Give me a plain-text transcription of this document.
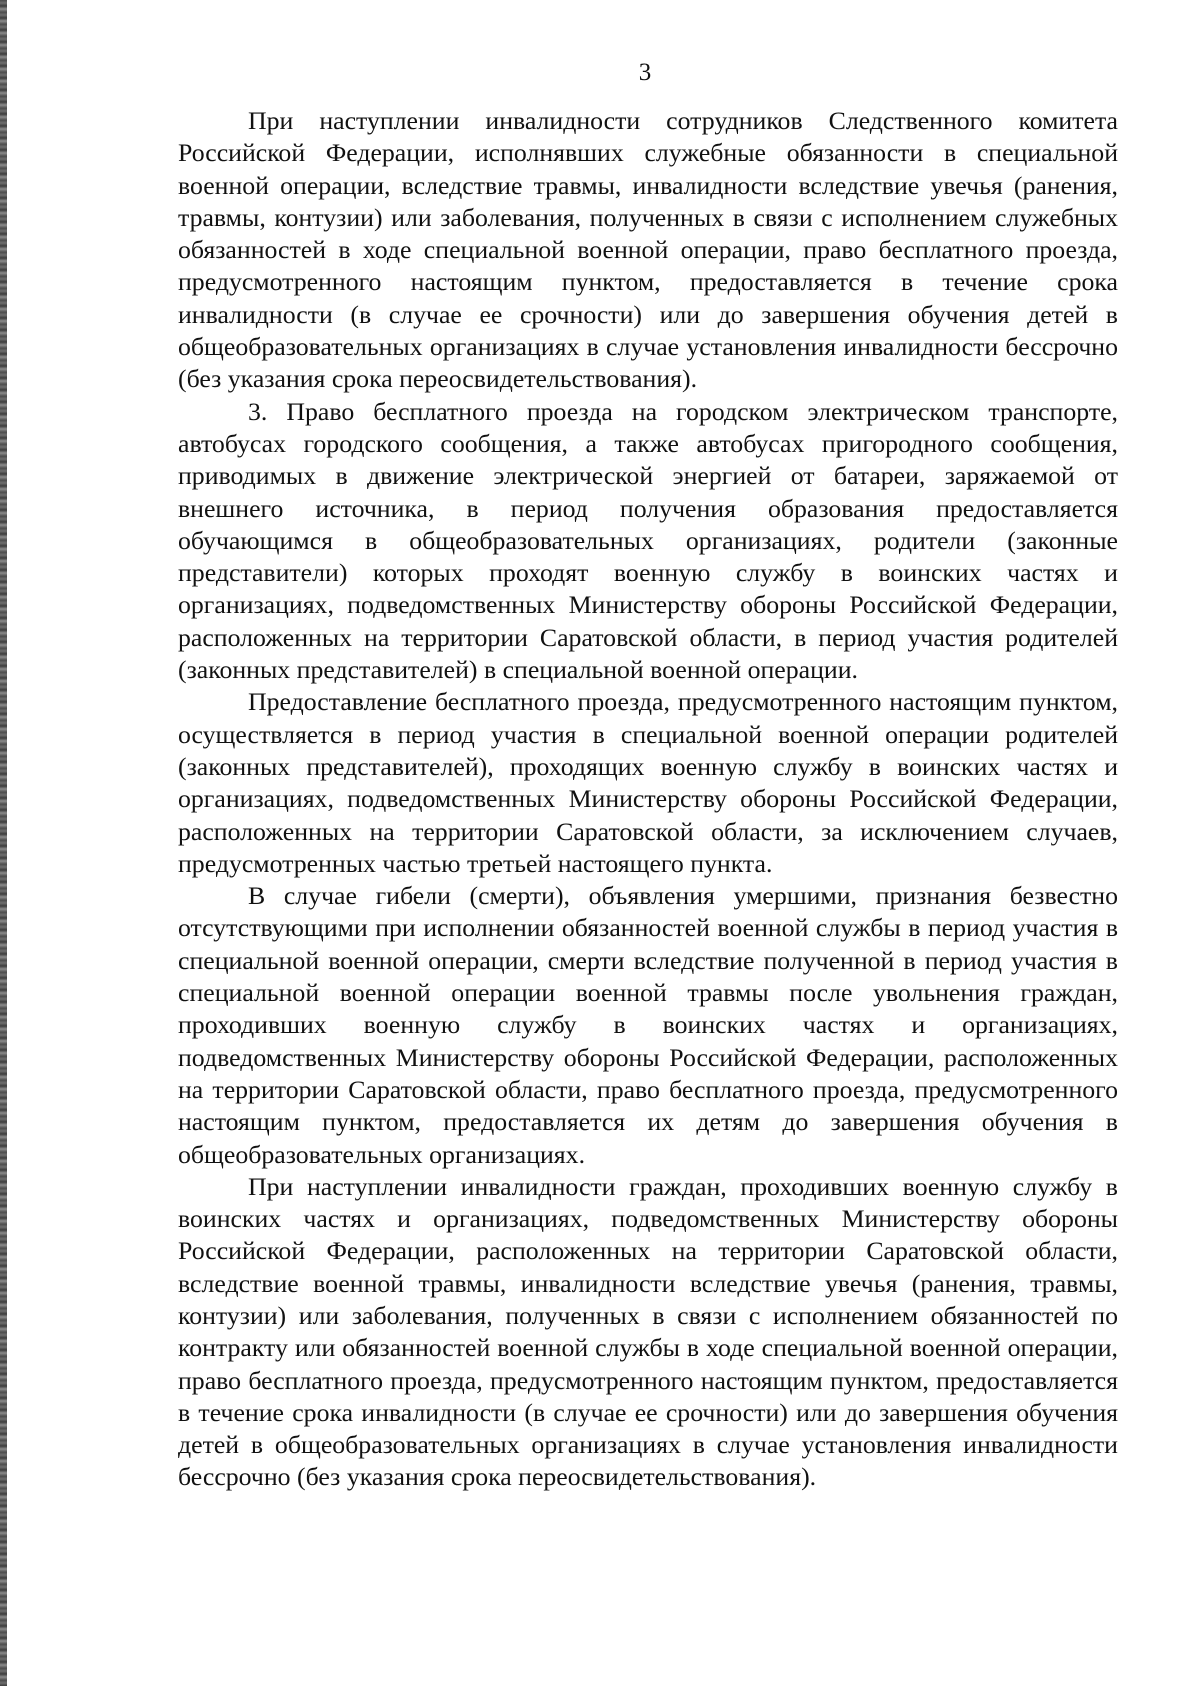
3

При наступлении инвалидности сотрудников Следственного комитета Российской Федерации, исполнявших служебные обязанности в специальной военной операции, вследствие травмы, инвалидности вследствие увечья (ранения, травмы, контузии) или заболевания, полученных в связи с исполнением служебных обязанностей в ходе специальной военной операции, право бесплатного проезда, предусмотренного настоящим пунктом, предоставляется в течение срока инвалидности (в случае ее срочности) или до завершения обучения детей в общеобразовательных организациях в случае установления инвалидности бессрочно (без указания срока переосвидетельствования).

3. Право бесплатного проезда на городском электрическом транспорте, автобусах городского сообщения, а также автобусах пригородного сообщения, приводимых в движение электрической энергией от батареи, заряжаемой от внешнего источника, в период получения образования предоставляется обучающимся в общеобразовательных организациях, родители (законные представители) которых проходят военную службу в воинских частях и организациях, подведомственных Министерству обороны Российской Федерации, расположенных на территории Саратовской области, в период участия родителей (законных представителей) в специальной военной операции.

Предоставление бесплатного проезда, предусмотренного настоящим пунктом, осуществляется в период участия в специальной военной операции родителей (законных представителей), проходящих военную службу в воинских частях и организациях, подведомственных Министерству обороны Российской Федерации, расположенных на территории Саратовской области, за исключением случаев, предусмотренных частью третьей настоящего пункта.

В случае гибели (смерти), объявления умершими, признания безвестно отсутствующими при исполнении обязанностей военной службы в период участия в специальной военной операции, смерти вследствие полученной в период участия в специальной военной операции военной травмы после увольнения граждан, проходивших военную службу в воинских частях и организациях, подведомственных Министерству обороны Российской Федерации, расположенных на территории Саратовской области, право бесплатного проезда, предусмотренного настоящим пунктом, предоставляется их детям до завершения обучения в общеобразовательных организациях.

При наступлении инвалидности граждан, проходивших военную службу в воинских частях и организациях, подведомственных Министерству обороны Российской Федерации, расположенных на территории Саратовской области, вследствие военной травмы, инвалидности вследствие увечья (ранения, травмы, контузии) или заболевания, полученных в связи с исполнением обязанностей по контракту или обязанностей военной службы в ходе специальной военной операции, право бесплатного проезда, предусмотренного настоящим пунктом, предоставляется в течение срока инвалидности (в случае ее срочности) или до завершения обучения детей в общеобразовательных организациях в случае установления инвалидности бессрочно (без указания срока переосвидетельствования).
